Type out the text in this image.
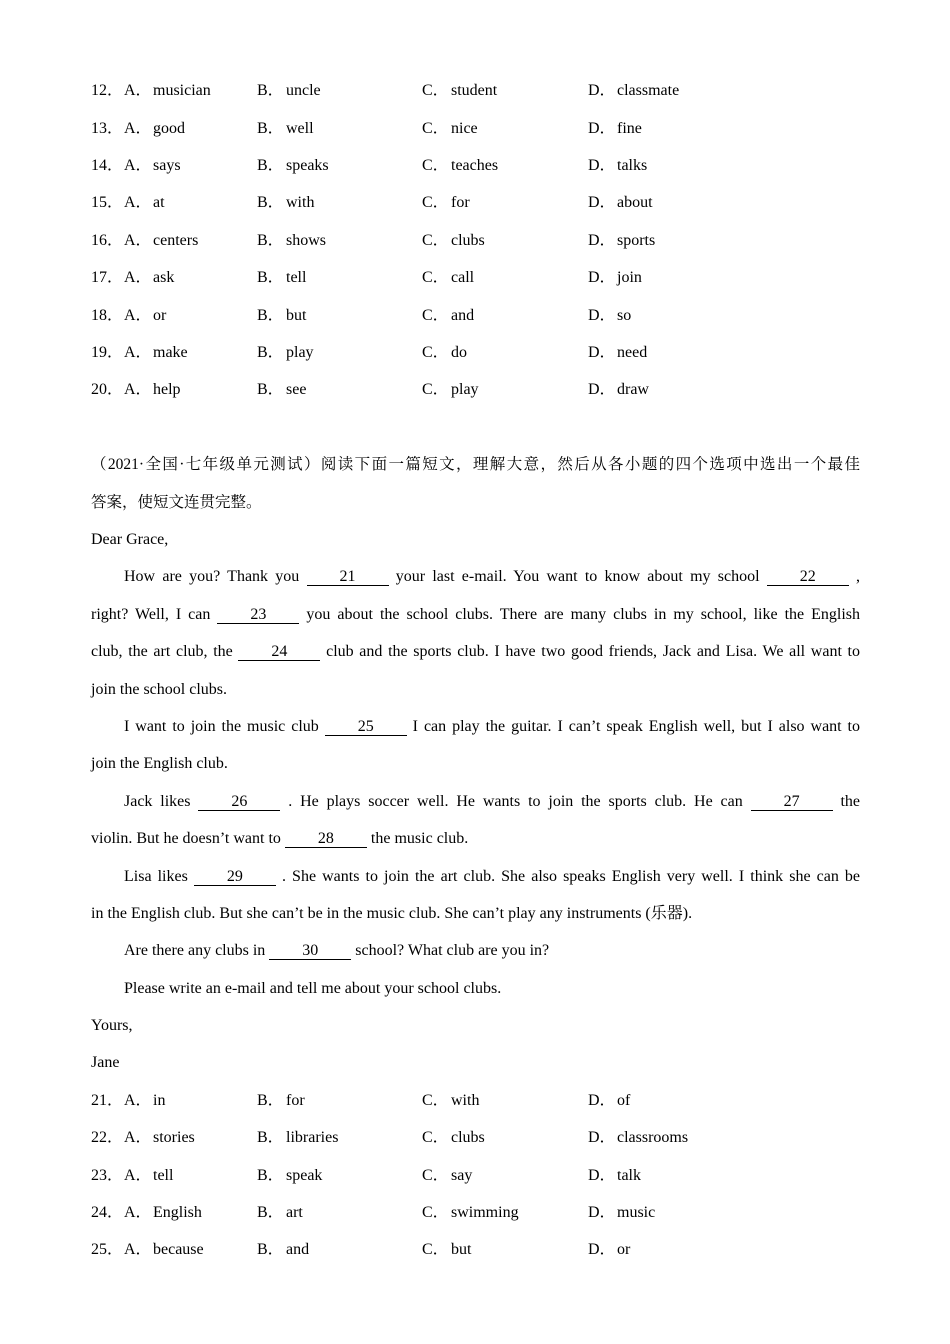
12． A．musician	B． uncle	C． student	D．classmate
13． A．good	B． well	C． nice	D．fine
14． A．says	B． speaks	C． teaches	D．talks
15． A．at	B． with	C． for	D．about
16． A．centers	B． shows	C． clubs	D．sports
17． A．ask	B． tell	C． call	D．join
18． A．or	B． but	C． and	D．so
19． A．make	B． play	C． do	D．need
20． A．help	B． see	C． play	D．draw
（2021·全国·七年级单元测试）阅读下面一篇短文，理解大意，然后从各小题的四个选项中选出一个最佳
答案，使短文连贯完整。
Dear Grace,
How are you? Thank you 21 your last e-mail. You want to know about my school 22 ,
right? Well, I can 23 you about the school clubs. There are many clubs in my school, like the English
club, the art club, the 24 club and the sports club. I have two good friends, Jack and Lisa. We all want to
join the school clubs.
I want to join the music club 25 I can play the guitar. I can’t speak English well, but I also want to
join the English club.
Jack likes 26 . He plays soccer well. He wants to join the sports club. He can 27 the
violin. But he doesn’t want to 28 the music club.
Lisa likes 29 . She wants to join the art club. She also speaks English very well. I think she can be
in the English club. But she can’t be in the music club. She can’t play any instruments (乐器).
Are there any clubs in 30 school? What club are you in?
Please write an e-mail and tell me about your school clubs.
Yours,
Jane
21． A．in	B． for	C． with	D．of
22． A．stories	B． libraries	C． clubs	D．classrooms
23． A．tell	B． speak	C． say	D．talk
24． A．English	B． art	C． swimming	D．music
25． A．because	B． and	C． but	D．or
